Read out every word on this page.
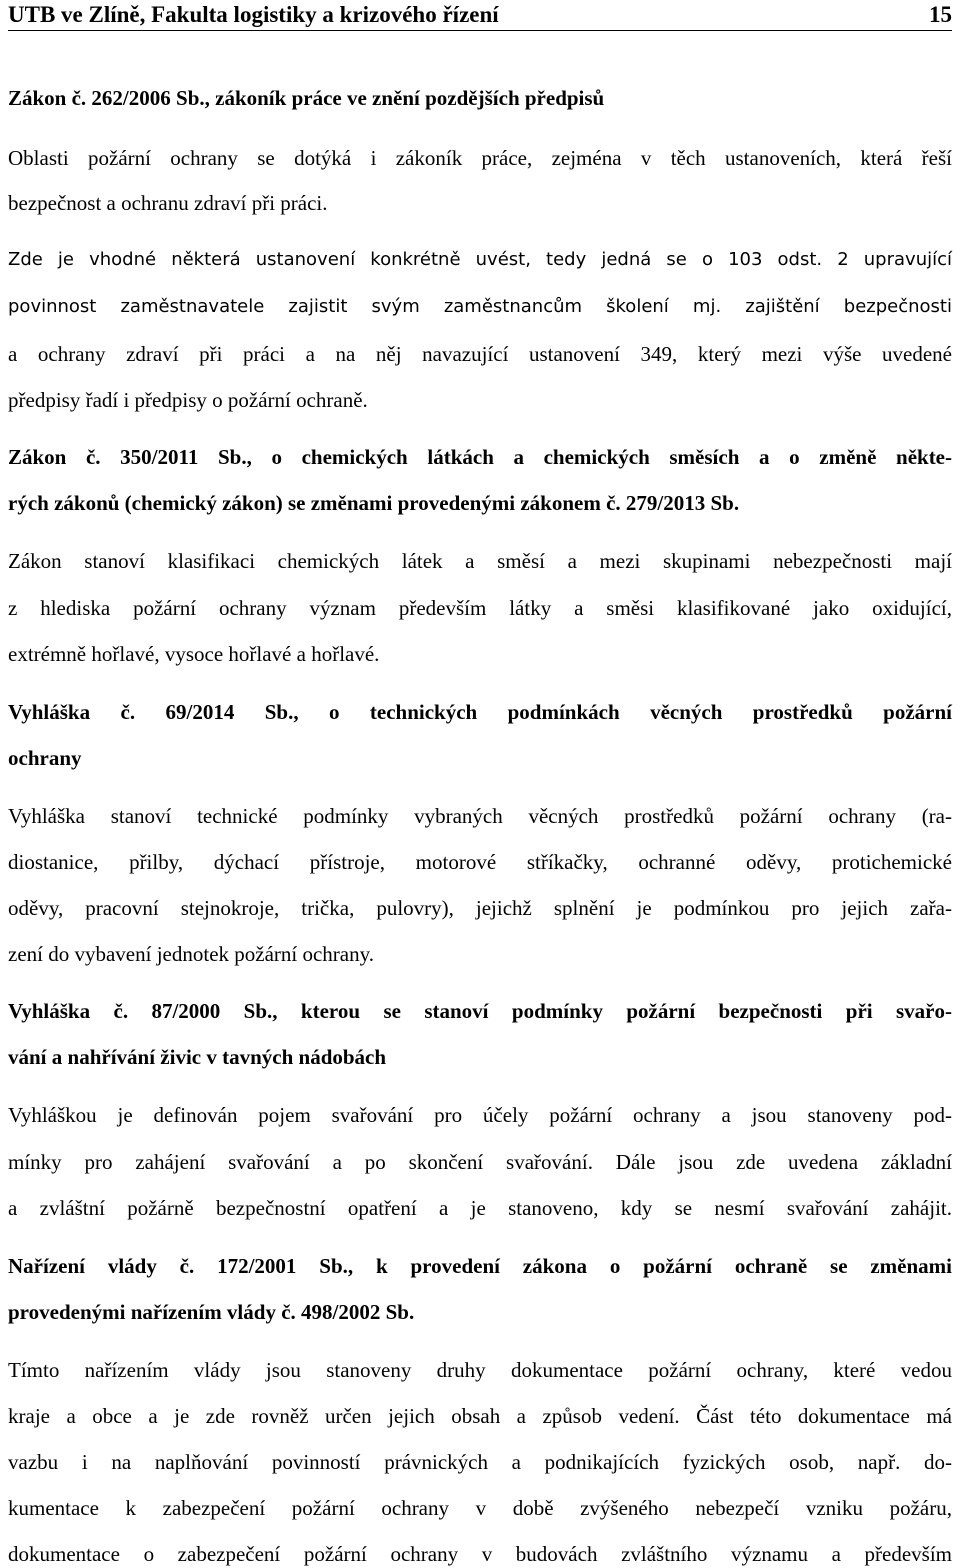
UTB ve Zlíně, Fakulta logistiky a krizového řízení	15
Zákon č. 262/2006 Sb., zákoník práce ve znění pozdějších předpisů
Oblasti požární ochrany se dotýká i zákoník práce, zejména v těch ustanoveních, která řeší
bezpečnost a ochranu zdraví při práci.
Zde je vhodné některá ustanovení konkrétně uvést, tedy jedná se o 103 odst. 2 upravující
povinnost zaměstnavatele zajistit svým zaměstnancům školení mj. zajištění bezpečnosti
a ochrany zdraví při práci a na něj navazující ustanovení 349, který mezi výše uvedené
předpisy řadí i předpisy o požární ochraně.
Zákon č. 350/2011 Sb., o chemických látkách a chemických směsích a o změně někte-
rých zákonů (chemický zákon) se změnami provedenými zákonem č. 279/2013 Sb.
Zákon stanoví klasifikaci chemických látek a směsí a mezi skupinami nebezpečnosti mají
z hlediska požární ochrany význam především látky a směsi klasifikované jako oxidující,
extrémně hořlavé, vysoce hořlavé a hořlavé.
Vyhláška č. 69/2014 Sb., o technických podmínkách věcných prostředků požární
ochrany
Vyhláška stanoví technické podmínky vybraných věcných prostředků požární ochrany (ra-
diostanice, přilby, dýchací přístroje, motorové stříkačky, ochranné oděvy, protichemické
oděvy, pracovní stejnokroje, trička, pulovry), jejichž splnění je podmínkou pro jejich zařa-
zení do vybavení jednotek požární ochrany.
Vyhláška č. 87/2000 Sb., kterou se stanoví podmínky požární bezpečnosti při svařo-
vání a nahřívání živic v tavných nádobách
Vyhláškou je definován pojem svařování pro účely požární ochrany a jsou stanoveny pod-
mínky pro zahájení svařování a po skončení svařování. Dále jsou zde uvedena základní
a zvláštní požárně bezpečnostní opatření a je stanoveno, kdy se nesmí svařování zahájit.
Nařízení vlády č. 172/2001 Sb., k provedení zákona o požární ochraně se změnami
provedenými nařízením vlády č. 498/2002 Sb.
Tímto nařízením vlády jsou stanoveny druhy dokumentace požární ochrany, které vedou
kraje a obce a je zde rovněž určen jejich obsah a způsob vedení. Část této dokumentace má
vazbu i na naplňování povinností právnických a podnikajících fyzických osob, např. do-
kumentace k zabezpečení požární ochrany v době zvýšeného nebezpečí vzniku požáru,
dokumentace o zabezpečení požární ochrany v budovách zvláštního významu a především
